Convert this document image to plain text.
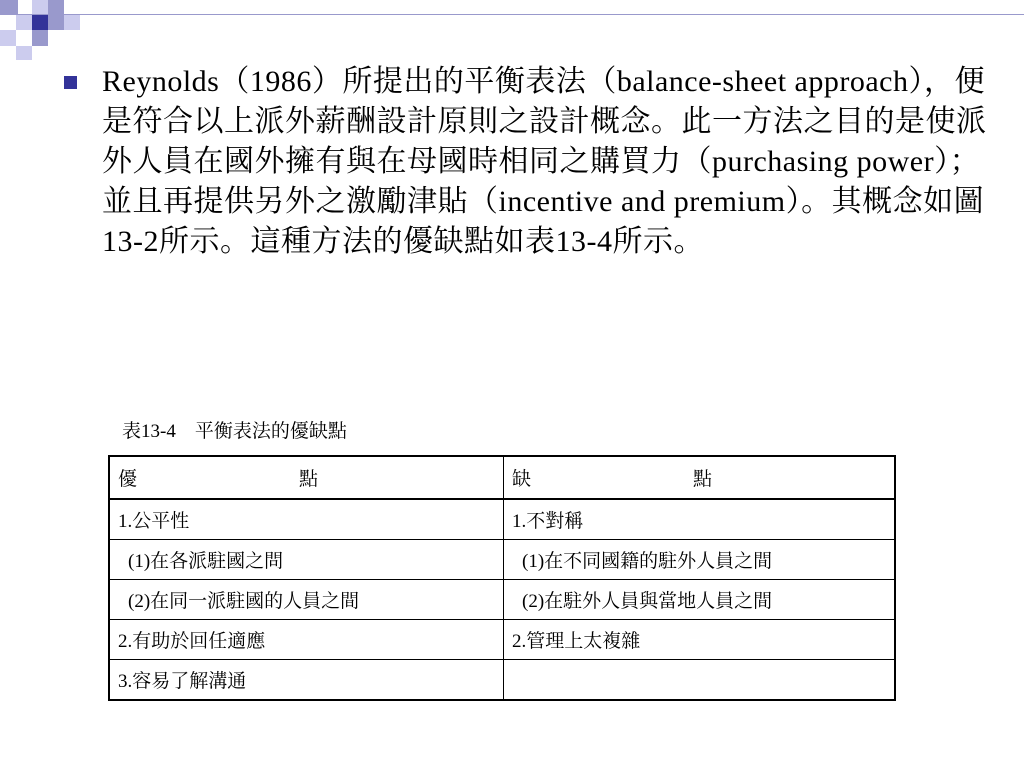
Reynolds（1986）所提出的平衡表法（balance-sheet approach），便是符合以上派外薪酬設計原則之設計概念。此一方法之目的是使派外人員在國外擁有與在母國時相同之購買力（purchasing power）；並且再提供另外之激勵津貼（incentive and premium）。其概念如圖13-2所示。這種方法的優缺點如表13-4所示。
表13-4　平衡表法的優缺點
優 點	缺 點

1.公平性	1.不對稱
(1)在各派駐國之問	(1)在不同國籍的駐外人員之間
(2)在同一派駐國的人員之間	(2)在駐外人員與當地人員之間
2.有助於回任適應	2.管理上太複雜
3.容易了解溝通	
